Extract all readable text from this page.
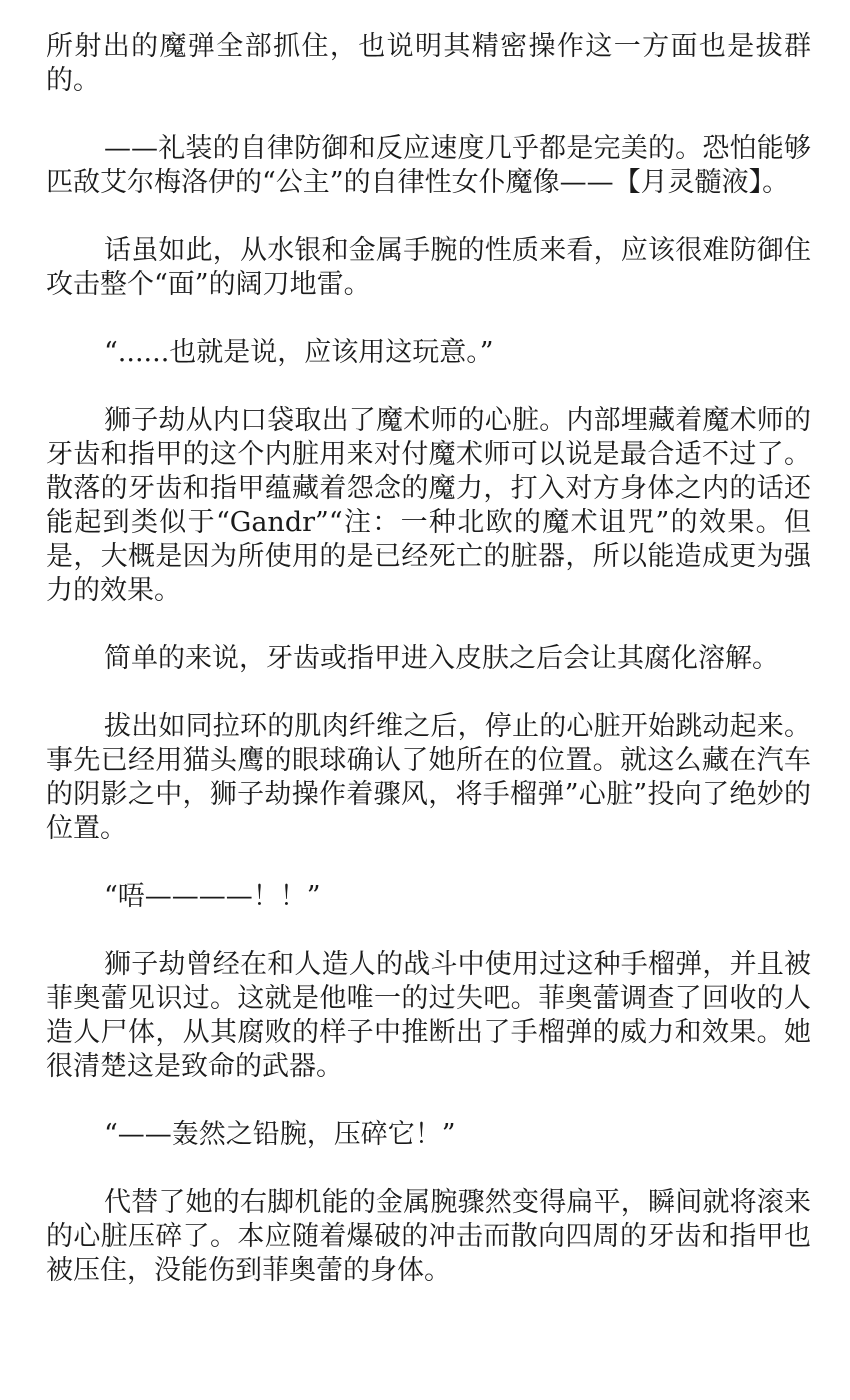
所射出的魔弹全部抓住，也说明其精密操作这一方面也是拔群的。

——礼装的自律防御和反应速度几乎都是完美的。恐怕能够匹敌艾尔梅洛伊的“公主”的自律性女仆魔像——【月灵髓液】。

话虽如此，从水银和金属手腕的性质来看，应该很难防御住攻击整个“面”的阔刀地雷。

“......也就是说，应该用这玩意。”

狮子劫从内口袋取出了魔术师的心脏。内部埋藏着魔术师的牙齿和指甲的这个内脏用来对付魔术师可以说是最合适不过了。散落的牙齿和指甲蕴藏着怨念的魔力，打入对方身体之内的话还能起到类似于“Gandr”“注：一种北欧的魔术诅咒”的效果。但是，大概是因为所使用的是已经死亡的脏器，所以能造成更为强力的效果。

简单的来说，牙齿或指甲进入皮肤之后会让其腐化溶解。

拔出如同拉环的肌肉纤维之后，停止的心脏开始跳动起来。事先已经用猫头鹰的眼球确认了她所在的位置。就这么藏在汽车的阴影之中，狮子劫操作着骤风，将手榴弹”心脏”投向了绝妙的位置。

“唔————！！”

狮子劫曾经在和人造人的战斗中使用过这种手榴弹，并且被菲奥蕾见识过。这就是他唯一的过失吧。菲奥蕾调查了回收的人造人尸体，从其腐败的样子中推断出了手榴弹的威力和效果。她很清楚这是致命的武器。

“——轰然之铅腕，压碎它！”

代替了她的右脚机能的金属腕骤然变得扁平，瞬间就将滚来的心脏压碎了。本应随着爆破的冲击而散向四周的牙齿和指甲也被压住，没能伤到菲奥蕾的身体。
